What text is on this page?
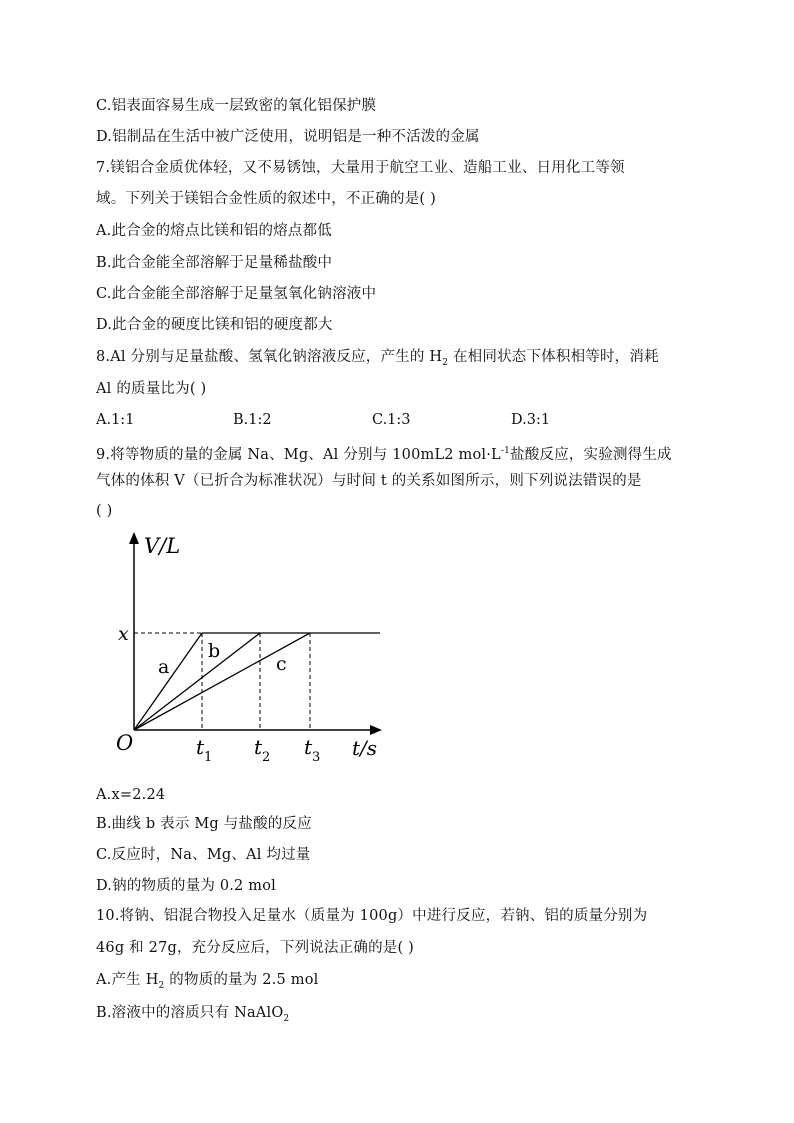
C.铝表面容易生成一层致密的氧化铝保护膜
D.铝制品在生活中被广泛使用，说明铝是一种不活泼的金属
7.镁铝合金质优体轻，又不易锈蚀，大量用于航空工业、造船工业、日用化工等领
域。下列关于镁铝合金性质的叙述中，不正确的是( )
A.此合金的熔点比镁和铝的熔点都低
B.此合金能全部溶解于足量稀盐酸中
C.此合金能全部溶解于足量氢氧化钠溶液中
D.此合金的硬度比镁和铝的硬度都大
8.Al 分别与足量盐酸、氢氧化钠溶液反应，产生的 $H_2$ 在相同状态下体积相等时，消耗
Al 的质量比为( )
A.1:1	B.1:2	C.1:3	D.3:1
9.将等物质的量的金属 Na、Mg、Al 分别与 100mL2 $mol\cdot L^{-1}$盐酸反应，实验测得生成
气体的体积 V（已折合为标准状况）与时间 t 的关系如图所示，则下列说法错误的是
( )
V/L
x
O
a
b
c
t 1 t 2 t 3 t/s
A.x=2.24
B.曲线 b 表示 Mg 与盐酸的反应
C.反应时，Na、Mg、Al 均过量
D.钠的物质的量为 0.2 mol
10.将钠、铝混合物投入足量水（质量为 100g）中进行反应，若钠、铝的质量分别为
46g 和 27g，充分反应后，下列说法正确的是( )
A.产生 $H_2$ 的物质的量为 2.5 mol
B.溶液中的溶质只有 NaAlO$_2$
